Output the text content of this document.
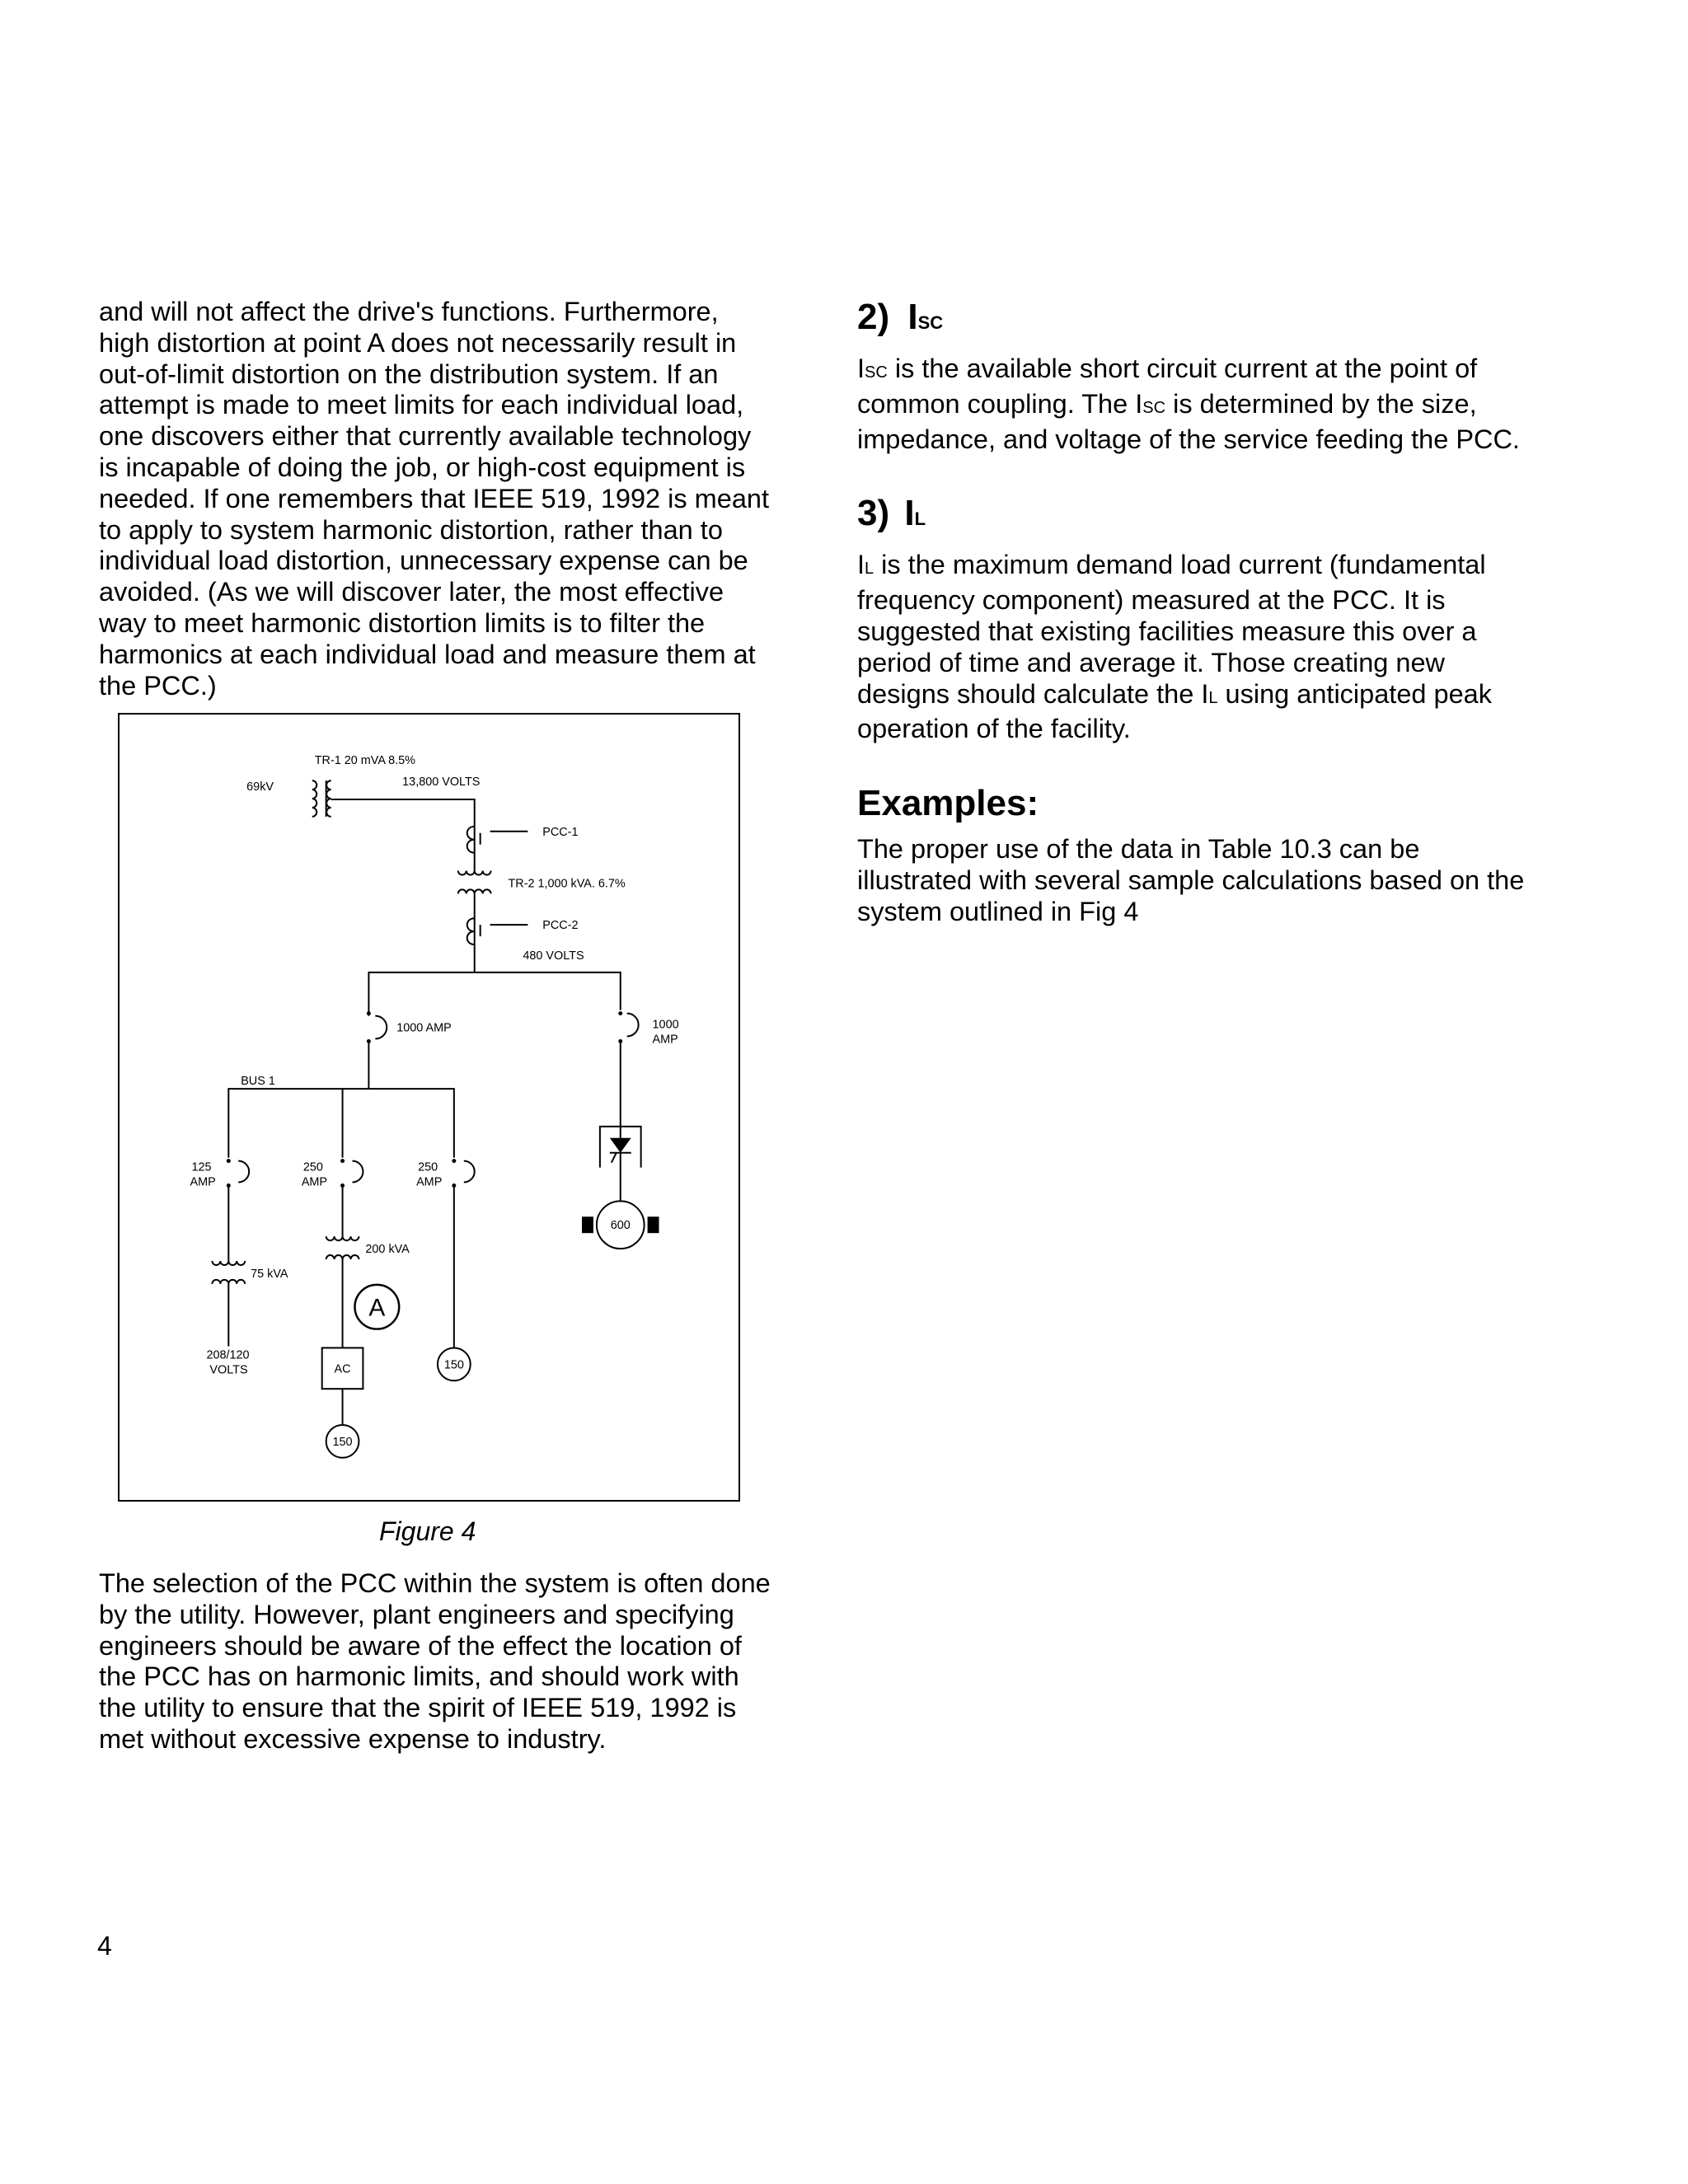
and will not affect the drive's functions. Furthermore, high distortion at point A does not necessarily result in out-of-limit distortion on the distribution system. If an attempt is made to meet limits for each individual load, one discovers either that currently available technology is incapable of doing the job, or high-cost equipment is needed. If one remembers that IEEE 519, 1992 is meant to apply to system harmonic distortion, rather than to individual load distortion, unnecessary expense can be avoided. (As we will discover later, the most effective way to meet harmonic distortion limits is to filter the harmonics at each individual load and measure them at the PCC.)

TR-1 20 mVA 8.5%
69kV	13,800 VOLTS
PCC-1
TR-2 1,000 kVA. 6.7%
PCC-2
480 VOLTS
1000 AMP	1000
AMP
BUS 1
125
AMP
250
AMP
250
AMP
75 kVA
208/120
VOLTS
200 kVA
A
AC
150
150
600
Figure 4

The selection of the PCC within the system is often done by the utility. However, plant engineers and specifying engineers should be aware of the effect the location of the PCC has on harmonic limits, and should work with the utility to ensure that the spirit of IEEE 519, 1992 is met without excessive expense to industry.

2) ISC

ISC is the available short circuit current at the point of common coupling. The ISC is determined by the size, impedance, and voltage of the service feeding the PCC.

3) IL

IL is the maximum demand load current (fundamental frequency component) measured at the PCC. It is suggested that existing facilities measure this over a period of time and average it. Those creating new designs should calculate the IL using anticipated peak operation of the facility.

Examples:

The proper use of the data in Table 10.3 can be illustrated with several sample calculations based on the system outlined in Fig 4

4
